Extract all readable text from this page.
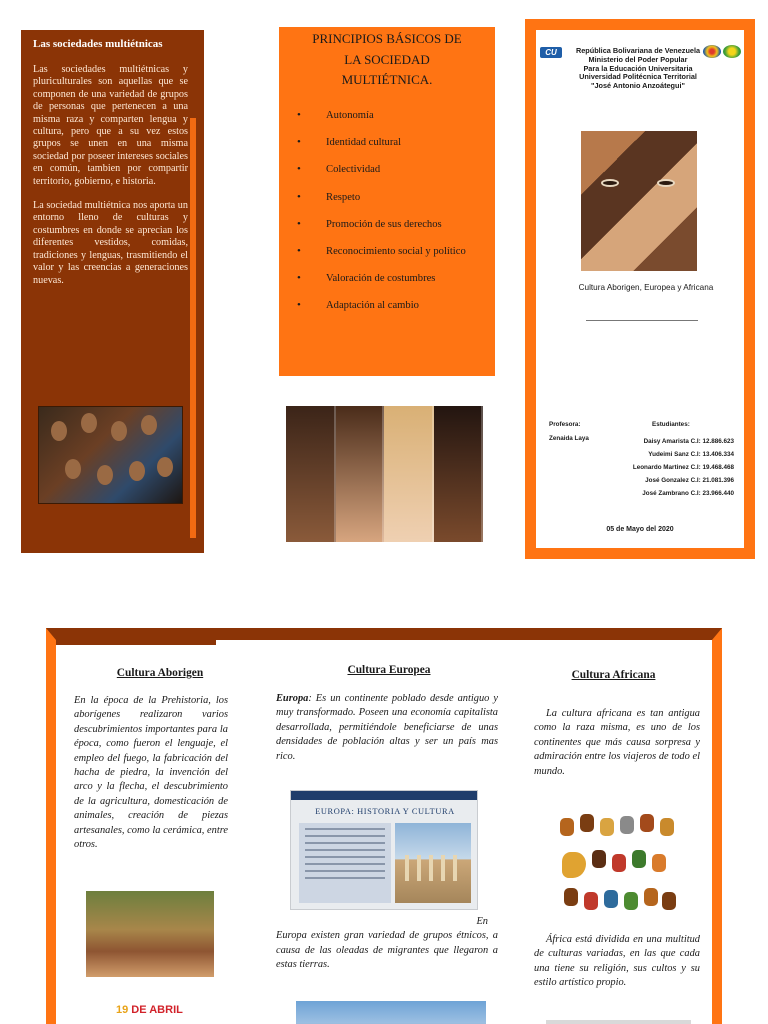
Las sociedades multiétnicas

Las sociedades multiétnicas y pluriculturales son aquellas que se componen de una variedad de grupos de personas que pertenecen a una misma raza y comparten lengua y cultura, pero que a su vez estos grupos se unen en una misma sociedad por poseer intereses sociales en común, tambien por compartir territorio, gobierno, e historia.

La sociedad multiétnica nos aporta un entorno lleno de culturas y costumbres en donde se aprecian los diferentes vestidos, comidas, tradiciones y lenguas, trasmitiendo el valor y las creencias a generaciones nuevas.

PRINCIPIOS BÁSICOS DE
LA SOCIEDAD
MULTIÉTNICA.
• Autonomía
• Identidad cultural
• Colectividad
• Respeto
• Promoción de sus derechos
• Reconocimiento social y político
• Valoración de costumbres
• Adaptación al cambio
CU	República Bolivariana de Venezuela
Ministerio del Poder Popular
Para la Educación Universitaria
Universidad Politécnica Territorial
"José Antonio Anzoátegui"
Cultura Aborigen, Europea y Africana
Profesora:	Estudiantes:
Zenaida Laya	Daisy Amarista C.I: 12.886.623
Yudeimi Sanz C.I: 13.406.334
Leonardo Martinez C.I: 19.468.468
José Gonzalez C.I: 21.081.396
José Zambrano C.I: 23.966.440
05 de Mayo del 2020
Cultura Aborigen
En la época de la Prehistoria, los aborígenes realizaron varios descubrimientos importantes para la época, como fueron el lenguaje, el empleo del fuego, la fabricación del hacha de piedra, la invención del arco y la flecha, el descubrimiento de la agricultura, domesticación de animales, creación de piezas artesanales, como la cerámica, entre otros.
19 DE ABRIL
Cultura Europea
Europa: Es un continente poblado desde antiguo y muy transformado. Poseen una economía capitalista desarrollada, permitiéndole beneficiarse de unas densidades de población altas y ser un país mas rico.
EUROPA: HISTORIA Y CULTURA
En
Europa existen gran variedad de grupos étnicos, a causa de las oleadas de migrantes que llegaron a estas tierras.
Cultura Africana

La cultura africana es tan antigua como la raza misma, es uno de los continentes que más causa sorpresa y admiración entre los viajeros de todo el mundo.

África está dividida en una multitud de culturas variadas, en las que cada una tiene su religión, sus cultos y su estilo artístico propio.
